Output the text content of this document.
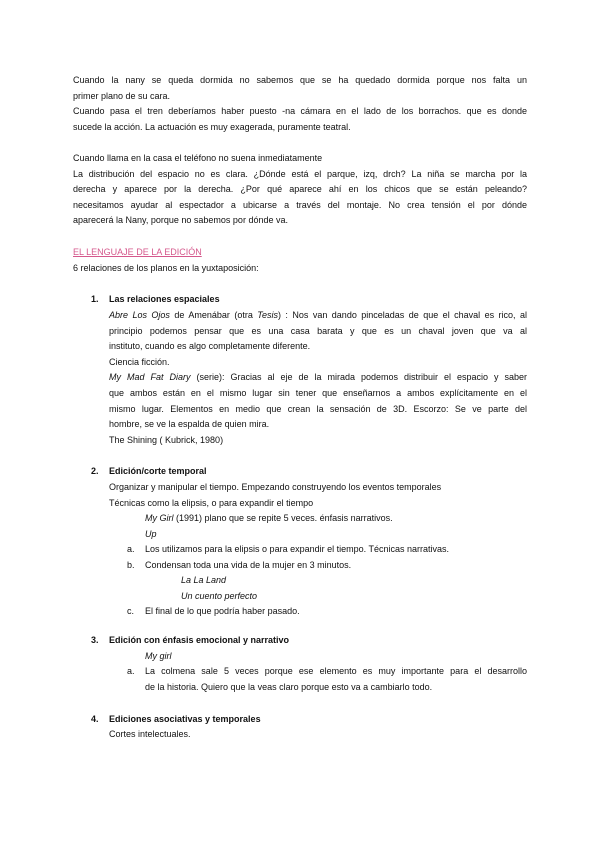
Cuando la nany se queda dormida no sabemos que se ha quedado dormida porque nos falta un
primer plano de su cara.
Cuando pasa el tren deberíamos haber puesto -na cámara en el lado de los borrachos. que es donde
sucede la acción. La actuación es muy exagerada, puramente teatral.
Cuando llama en la casa el teléfono no suena inmediatamente
La distribución del espacio no es clara. ¿Dónde está el parque, izq, drch? La niña se marcha por la
derecha y aparece por la derecha. ¿Por qué aparece ahí en los chicos que se están peleando?
necesitamos ayudar al espectador a ubicarse a través del montaje. No crea tensión el por dónde
aparecerá la Nany, porque no sabemos por dónde va.
EL LENGUAJE DE LA EDICIÓN
6 relaciones de los planos en la yuxtaposición:
1. Las relaciones espaciales
Abre Los Ojos de Amenábar (otra Tesis) : Nos van dando pinceladas de que el chaval es rico, al
principio podemos pensar que es una casa barata y que es un chaval joven que va al
instituto, cuando es algo completamente diferente.
Ciencia ficción.
My Mad Fat Diary (serie): Gracias al eje de la mirada podemos distribuir el espacio y saber
que ambos están en el mismo lugar sin tener que enseñarnos a ambos explícitamente en el
mismo lugar. Elementos en medio que crean la sensación de 3D. Escorzo: Se ve parte del
hombre, se ve la espalda de quien mira.
The Shining ( Kubrick, 1980)
2. Edición/corte temporal
Organizar y manipular el tiempo. Empezando construyendo los eventos temporales
Técnicas como la elipsis, o para expandir el tiempo
My Girl (1991) plano que se repite 5 veces. énfasis narrativos.
Up
a. Los utilizamos para la elipsis o para expandir el tiempo. Técnicas narrativas.
b. Condensan toda una vida de la mujer en 3 minutos.
La La Land
Un cuento perfecto
c. El final de lo que podría haber pasado.
3. Edición con énfasis emocional y narrativo
My girl
a. La colmena sale 5 veces porque ese elemento es muy importante para el desarrollo
de la historia. Quiero que la veas claro porque esto va a cambiarlo todo.
4. Ediciones asociativas y temporales
Cortes intelectuales.
